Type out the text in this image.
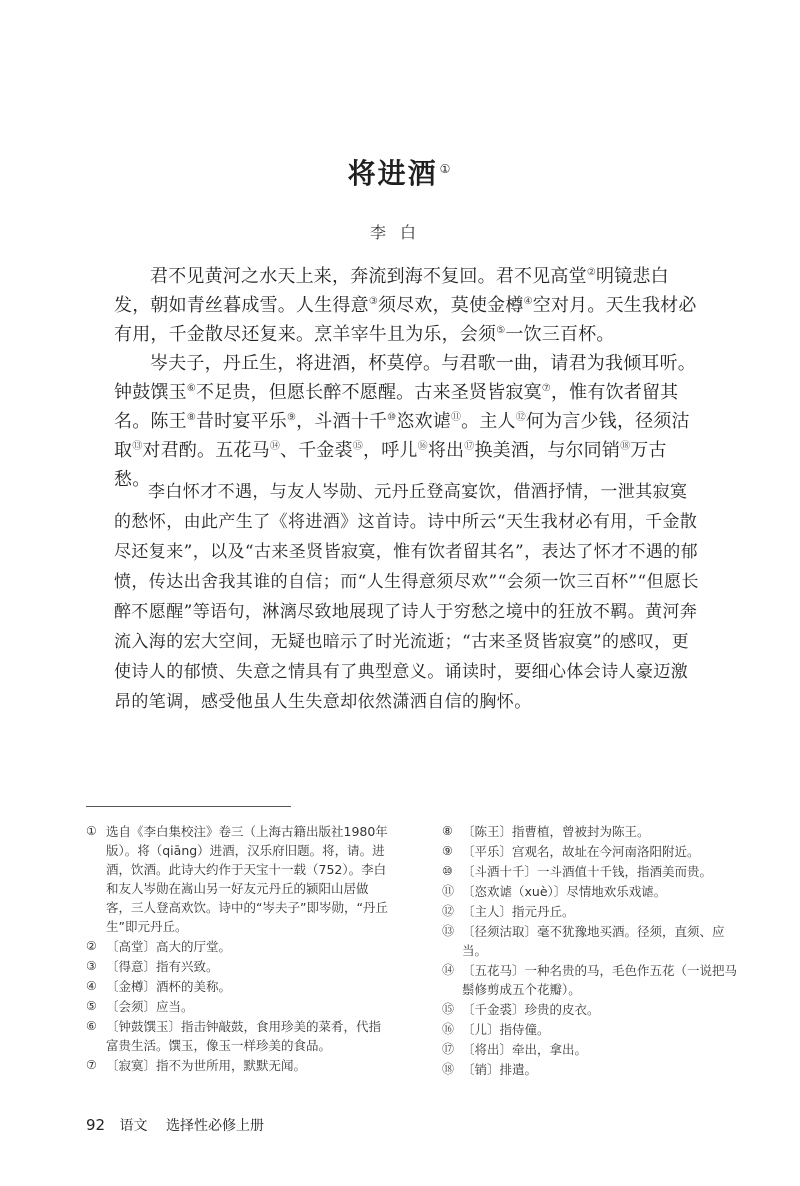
将进酒 ①
李白

君不见黄河之水天上来，奔流到海不复回。君不见高堂②明镜悲白发，朝如青丝暮成雪。人生得意③须尽欢，莫使金樽④空对月。天生我材必有用，千金散尽还复来。烹羊宰牛且为乐，会须⑤一饮三百杯。

岑夫子，丹丘生，将进酒，杯莫停。与君歌一曲，请君为我倾耳听。钟鼓馔玉⑥不足贵，但愿长醉不愿醒。古来圣贤皆寂寞⑦，惟有饮者留其名。陈王⑧昔时宴平乐⑨，斗酒十千⑩恣欢谑⑪。主人⑫何为言少钱，径须沽取⑬对君酌。五花马⑭、千金裘⑮，呼儿⑯将出⑰换美酒，与尔同销⑱万古愁。

李白怀才不遇，与友人岑勋、元丹丘登高宴饮，借酒抒情，一泄其寂寞的愁怀，由此产生了《将进酒》这首诗。诗中所云“天生我材必有用，千金散尽还复来”，以及“古来圣贤皆寂寞，惟有饮者留其名”，表达了怀才不遇的郁愤，传达出舍我其谁的自信；而“人生得意须尽欢”“会须一饮三百杯”“但愿长醉不愿醒”等语句，淋漓尽致地展现了诗人于穷愁之境中的狂放不羁。黄河奔流入海的宏大空间，无疑也暗示了时光流逝；“古来圣贤皆寂寞”的感叹，更使诗人的郁愤、失意之情具有了典型意义。诵读时，要细心体会诗人豪迈激昂的笔调，感受他虽人生失意却依然潇洒自信的胸怀。

① 选自《李白集校注》卷三（上海古籍出版社1980年版）。将（qiāng）进酒，汉乐府旧题。将，请。进酒，饮酒。此诗大约作于天宝十一载（752）。李白和友人岑勋在嵩山另一好友元丹丘的颍阳山居做客，三人登高欢饮。诗中的“岑夫子”即岑勋，“丹丘生”即元丹丘。
② 〔高堂〕高大的厅堂。
③ 〔得意〕指有兴致。
④ 〔金樽〕酒杯的美称。
⑤ 〔会须〕应当。
⑥ 〔钟鼓馔玉〕指击钟敲鼓，食用珍美的菜肴，代指富贵生活。馔玉，像玉一样珍美的食品。
⑦ 〔寂寞〕指不为世所用，默默无闻。
⑧ 〔陈王〕指曹植，曾被封为陈王。
⑨ 〔平乐〕宫观名，故址在今河南洛阳附近。
⑩ 〔斗酒十千〕一斗酒值十千钱，指酒美而贵。
⑪ 〔恣欢谑（xuè）〕尽情地欢乐戏谑。
⑫ 〔主人〕指元丹丘。
⑬ 〔径须沽取〕毫不犹豫地买酒。径须，直须、应当。
⑭ 〔五花马〕一种名贵的马，毛色作五花（一说把马鬃修剪成五个花瓣）。
⑮ 〔千金裘〕珍贵的皮衣。
⑯ 〔儿〕指侍僮。
⑰ 〔将出〕牵出，拿出。
⑱ 〔销〕排遣。
92 语文 选择性必修上册
